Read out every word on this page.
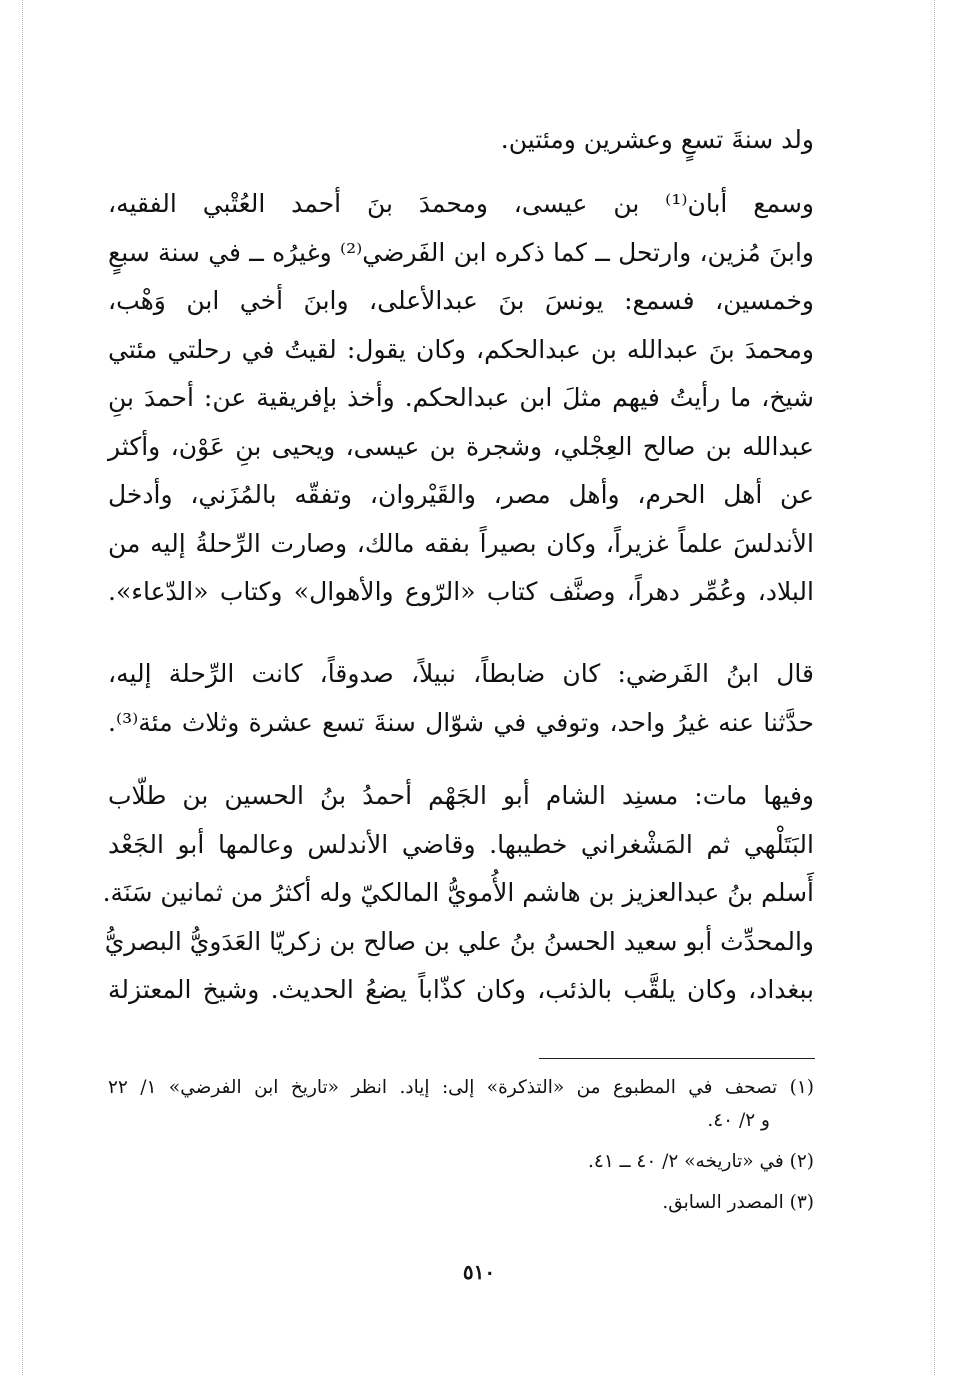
ولد سنةَ تسعٍ وعشرين ومئتين.
وسمع أبان⁽¹⁾ بن عيسى، ومحمدَ بنَ أحمد العُتْبي الفقيه،
وابنَ مُزين، وارتحل ــ كما ذكره ابن الفَرضي⁽²⁾ وغيرُه ــ في سنة سبعٍ
وخمسين، فسمع: يونسَ بنَ عبدالأعلى، وابنَ أخي ابن وَهْب،
ومحمدَ بنَ عبدالله بن عبدالحكم، وكان يقول: لقيتُ في رحلتي مئتي
شيخ، ما رأيتُ فيهم مثلَ ابن عبدالحكم. وأخذ بإفريقية عن: أحمدَ بنِ
عبدالله بن صالح العِجْلي، وشجرة بن عيسى، ويحيى بنِ عَوْن، وأكثر
عن أهل الحرم، وأهل مصر، والقَيْروان، وتفقّه بالمُزَني، وأدخل
الأندلسَ علماً غزيراً، وكان بصيراً بفقه مالك، وصارت الرِّحلةُ إليه من
البلاد، وعُمِّر دهراً، وصنَّف كتاب «الرّوع والأهوال» وكتاب «الدّعاء».
قال ابنُ الفَرضي: كان ضابطاً، نبيلاً، صدوقاً، كانت الرِّحلة إليه،
حدَّثنا عنه غيرُ واحد، وتوفي في شوّال سنةَ تسع عشرة وثلاث مئة⁽³⁾.
وفيها مات: مسنِد الشام أبو الجَهْم أحمدُ بنُ الحسين بن طلّاب
البَتَلْهي ثم المَشْغراني خطيبها. وقاضي الأندلس وعالمها أبو الجَعْد
أَسلم بنُ عبدالعزيز بن هاشم الأُمويُّ المالكيّ وله أكثرُ من ثمانين سَنَة.
والمحدِّث أبو سعيد الحسنُ بنُ علي بن صالح بن زكريّا العَدَويُّ البصريُّ
ببغداد، وكان يلقَّب بالذئب، وكان كذّاباً يضعُ الحديث. وشيخ المعتزلة
(١) تصحف في المطبوع من «التذكرة» إلى: إياد. انظر «تاريخ ابن الفرضي» ١/ ٢٢
و ٢/ ٤٠.
(٢) في «تاريخه» ٢/ ٤٠ ــ ٤١.
(٣) المصدر السابق.
٥١٠
